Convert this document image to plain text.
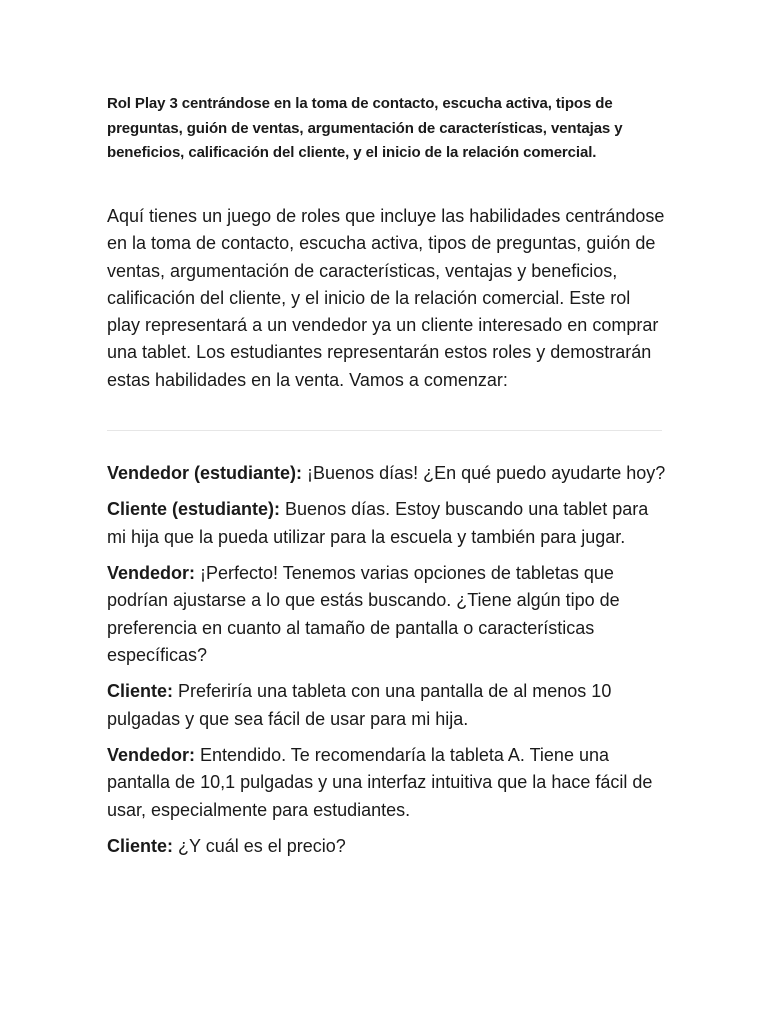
Rol Play 3 centrándose en la toma de contacto, escucha activa, tipos de preguntas, guión de ventas, argumentación de características, ventajas y beneficios, calificación del cliente, y el inicio de la relación comercial.

Aquí tienes un juego de roles que incluye las habilidades centrándose en la toma de contacto, escucha activa, tipos de preguntas, guión de ventas, argumentación de características, ventajas y beneficios, calificación del cliente, y el inicio de la relación comercial. Este rol play representará a un vendedor ya un cliente interesado en comprar una tablet. Los estudiantes representarán estos roles y demostrarán estas habilidades en la venta. Vamos a comenzar:

Vendedor (estudiante): ¡Buenos días! ¿En qué puedo ayudarte hoy?

Cliente (estudiante): Buenos días. Estoy buscando una tablet para mi hija que la pueda utilizar para la escuela y también para jugar.

Vendedor: ¡Perfecto! Tenemos varias opciones de tabletas que podrían ajustarse a lo que estás buscando. ¿Tiene algún tipo de preferencia en cuanto al tamaño de pantalla o características específicas?

Cliente: Preferiría una tableta con una pantalla de al menos 10 pulgadas y que sea fácil de usar para mi hija.

Vendedor: Entendido. Te recomendaría la tableta A. Tiene una pantalla de 10,1 pulgadas y una interfaz intuitiva que la hace fácil de usar, especialmente para estudiantes.

Cliente: ¿Y cuál es el precio?
